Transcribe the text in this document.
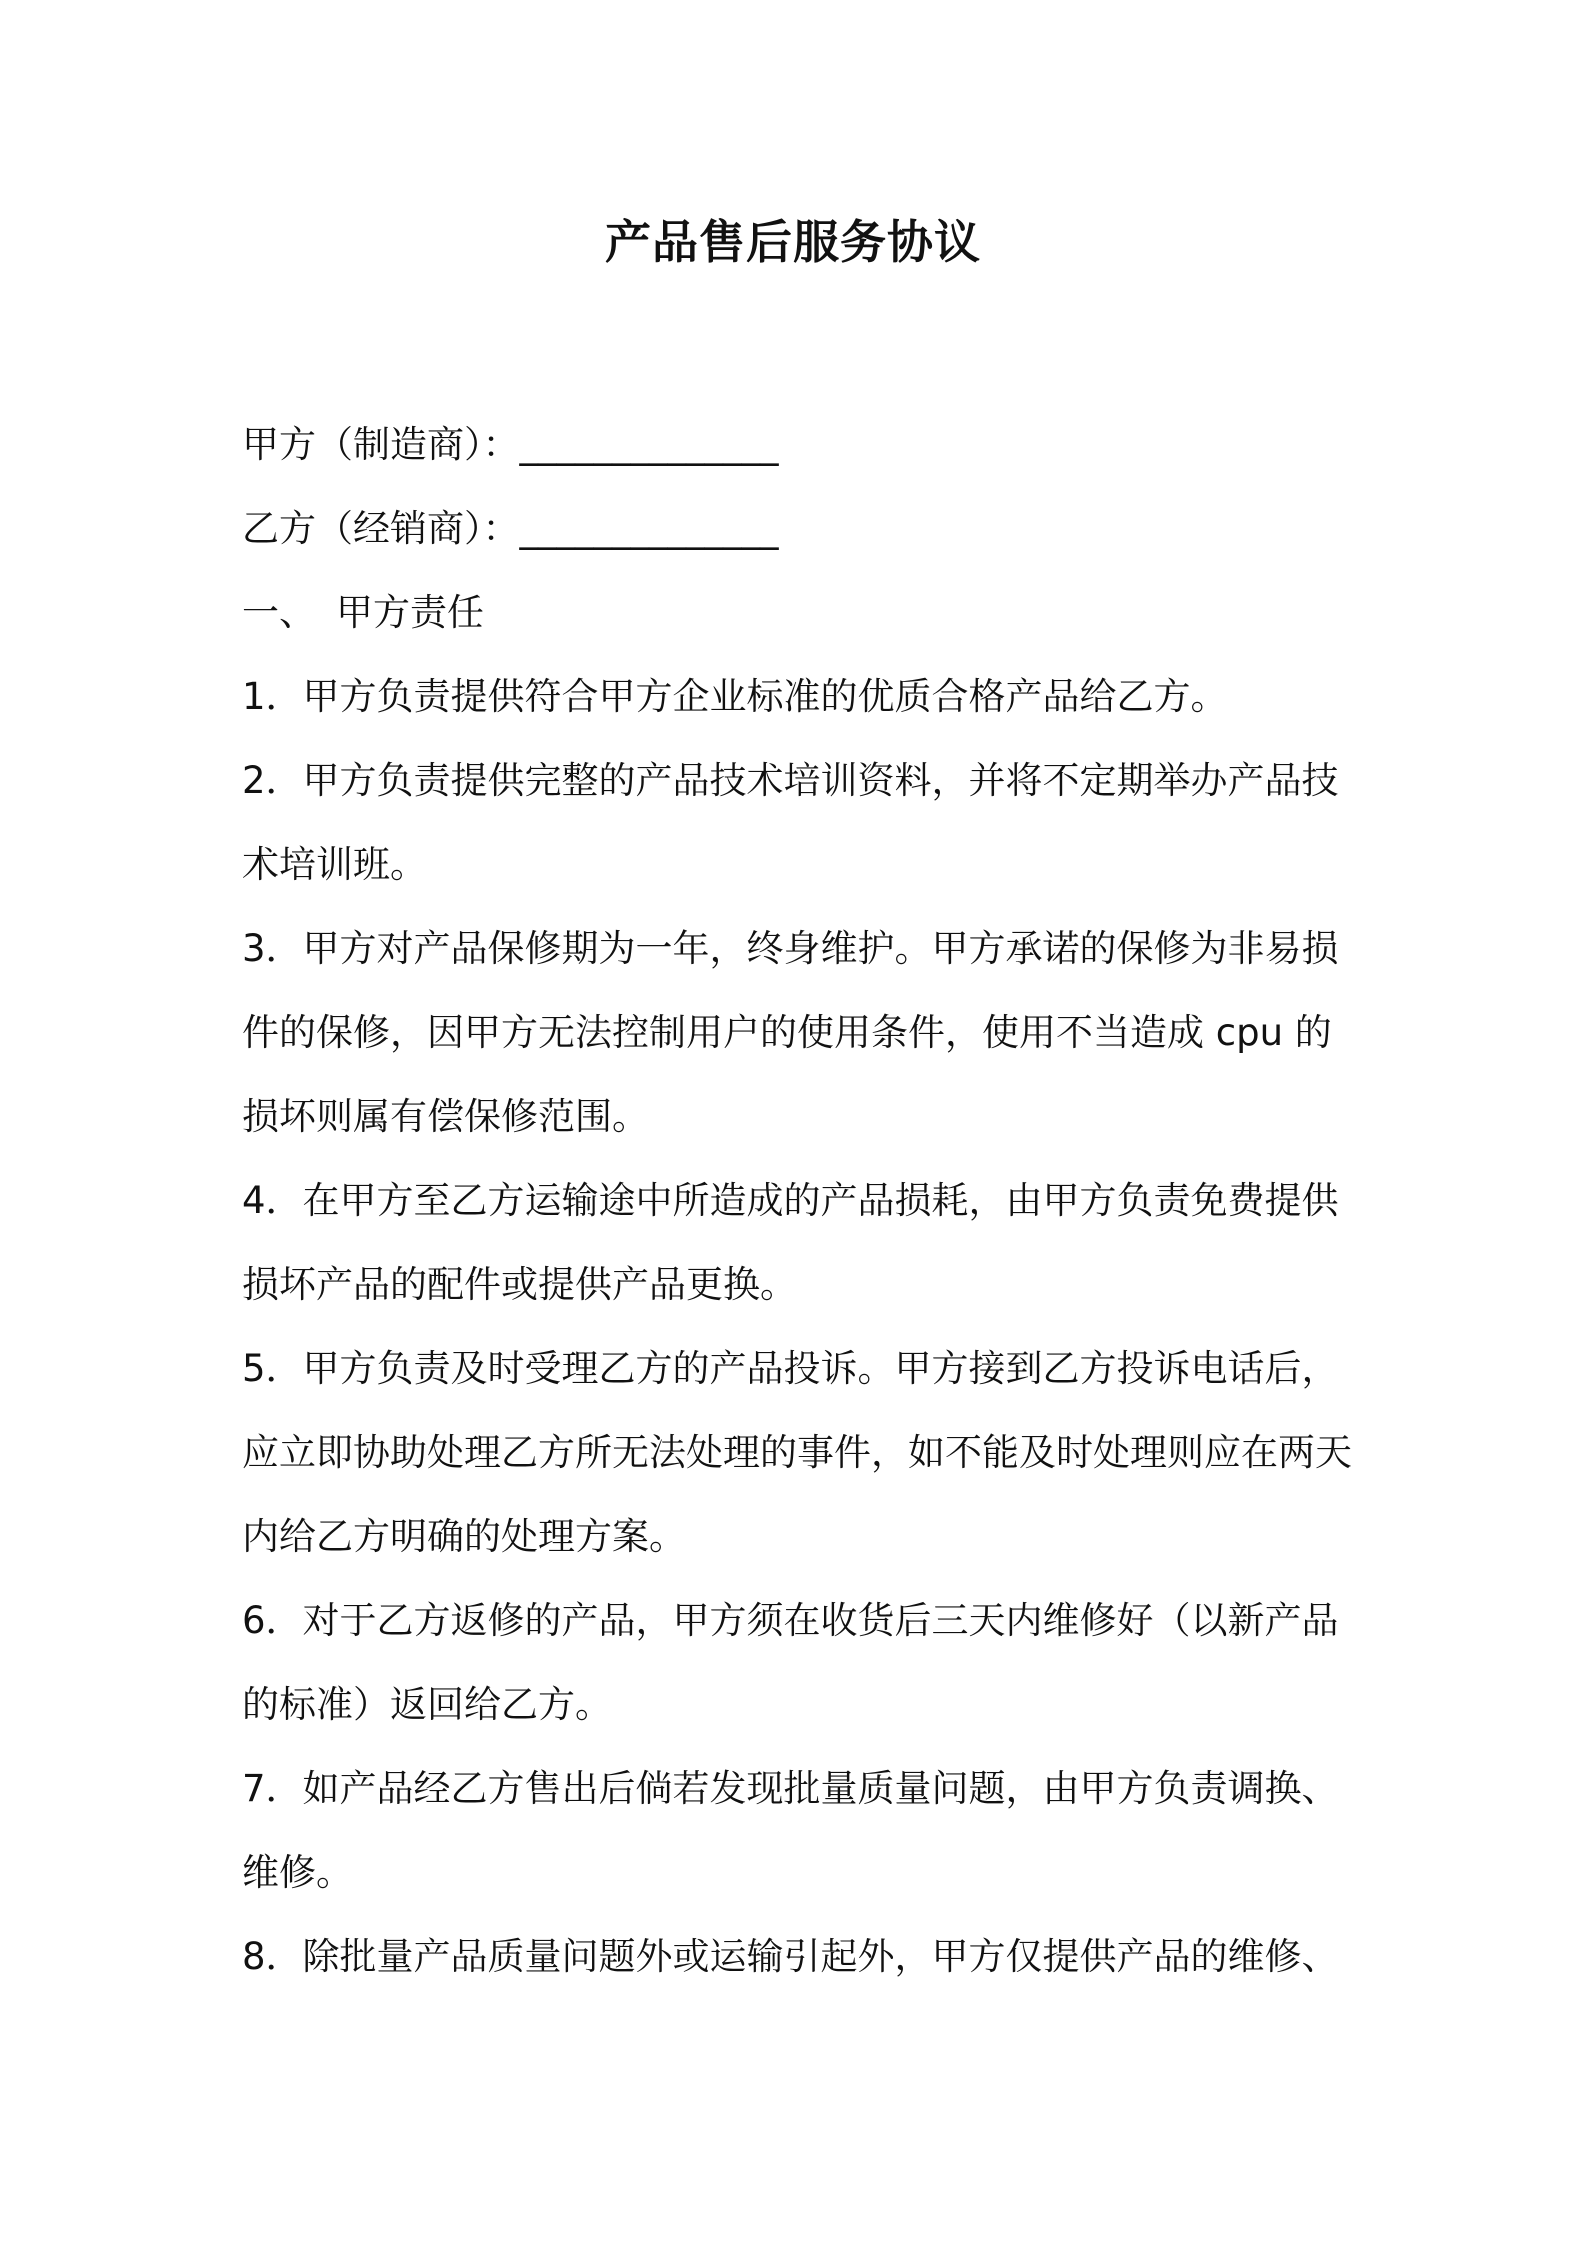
产品售后服务协议
甲方（制造商）：______________
乙方（经销商）：______________
一、 甲方责任
1．甲方负责提供符合甲方企业标准的优质合格产品给乙方。
2．甲方负责提供完整的产品技术培训资料，并将不定期举办产品技
术培训班。
3．甲方对产品保修期为一年，终身维护。甲方承诺的保修为非易损
件的保修，因甲方无法控制用户的使用条件，使用不当造成 cpu 的
损坏则属有偿保修范围。
4．在甲方至乙方运输途中所造成的产品损耗，由甲方负责免费提供
损坏产品的配件或提供产品更换。
5．甲方负责及时受理乙方的产品投诉。甲方接到乙方投诉电话后，
应立即协助处理乙方所无法处理的事件，如不能及时处理则应在两天
内给乙方明确的处理方案。
6．对于乙方返修的产品，甲方须在收货后三天内维修好（以新产品
的标准）返回给乙方。
7．如产品经乙方售出后倘若发现批量质量问题，由甲方负责调换、
维修。
8．除批量产品质量问题外或运输引起外，甲方仅提供产品的维修、
